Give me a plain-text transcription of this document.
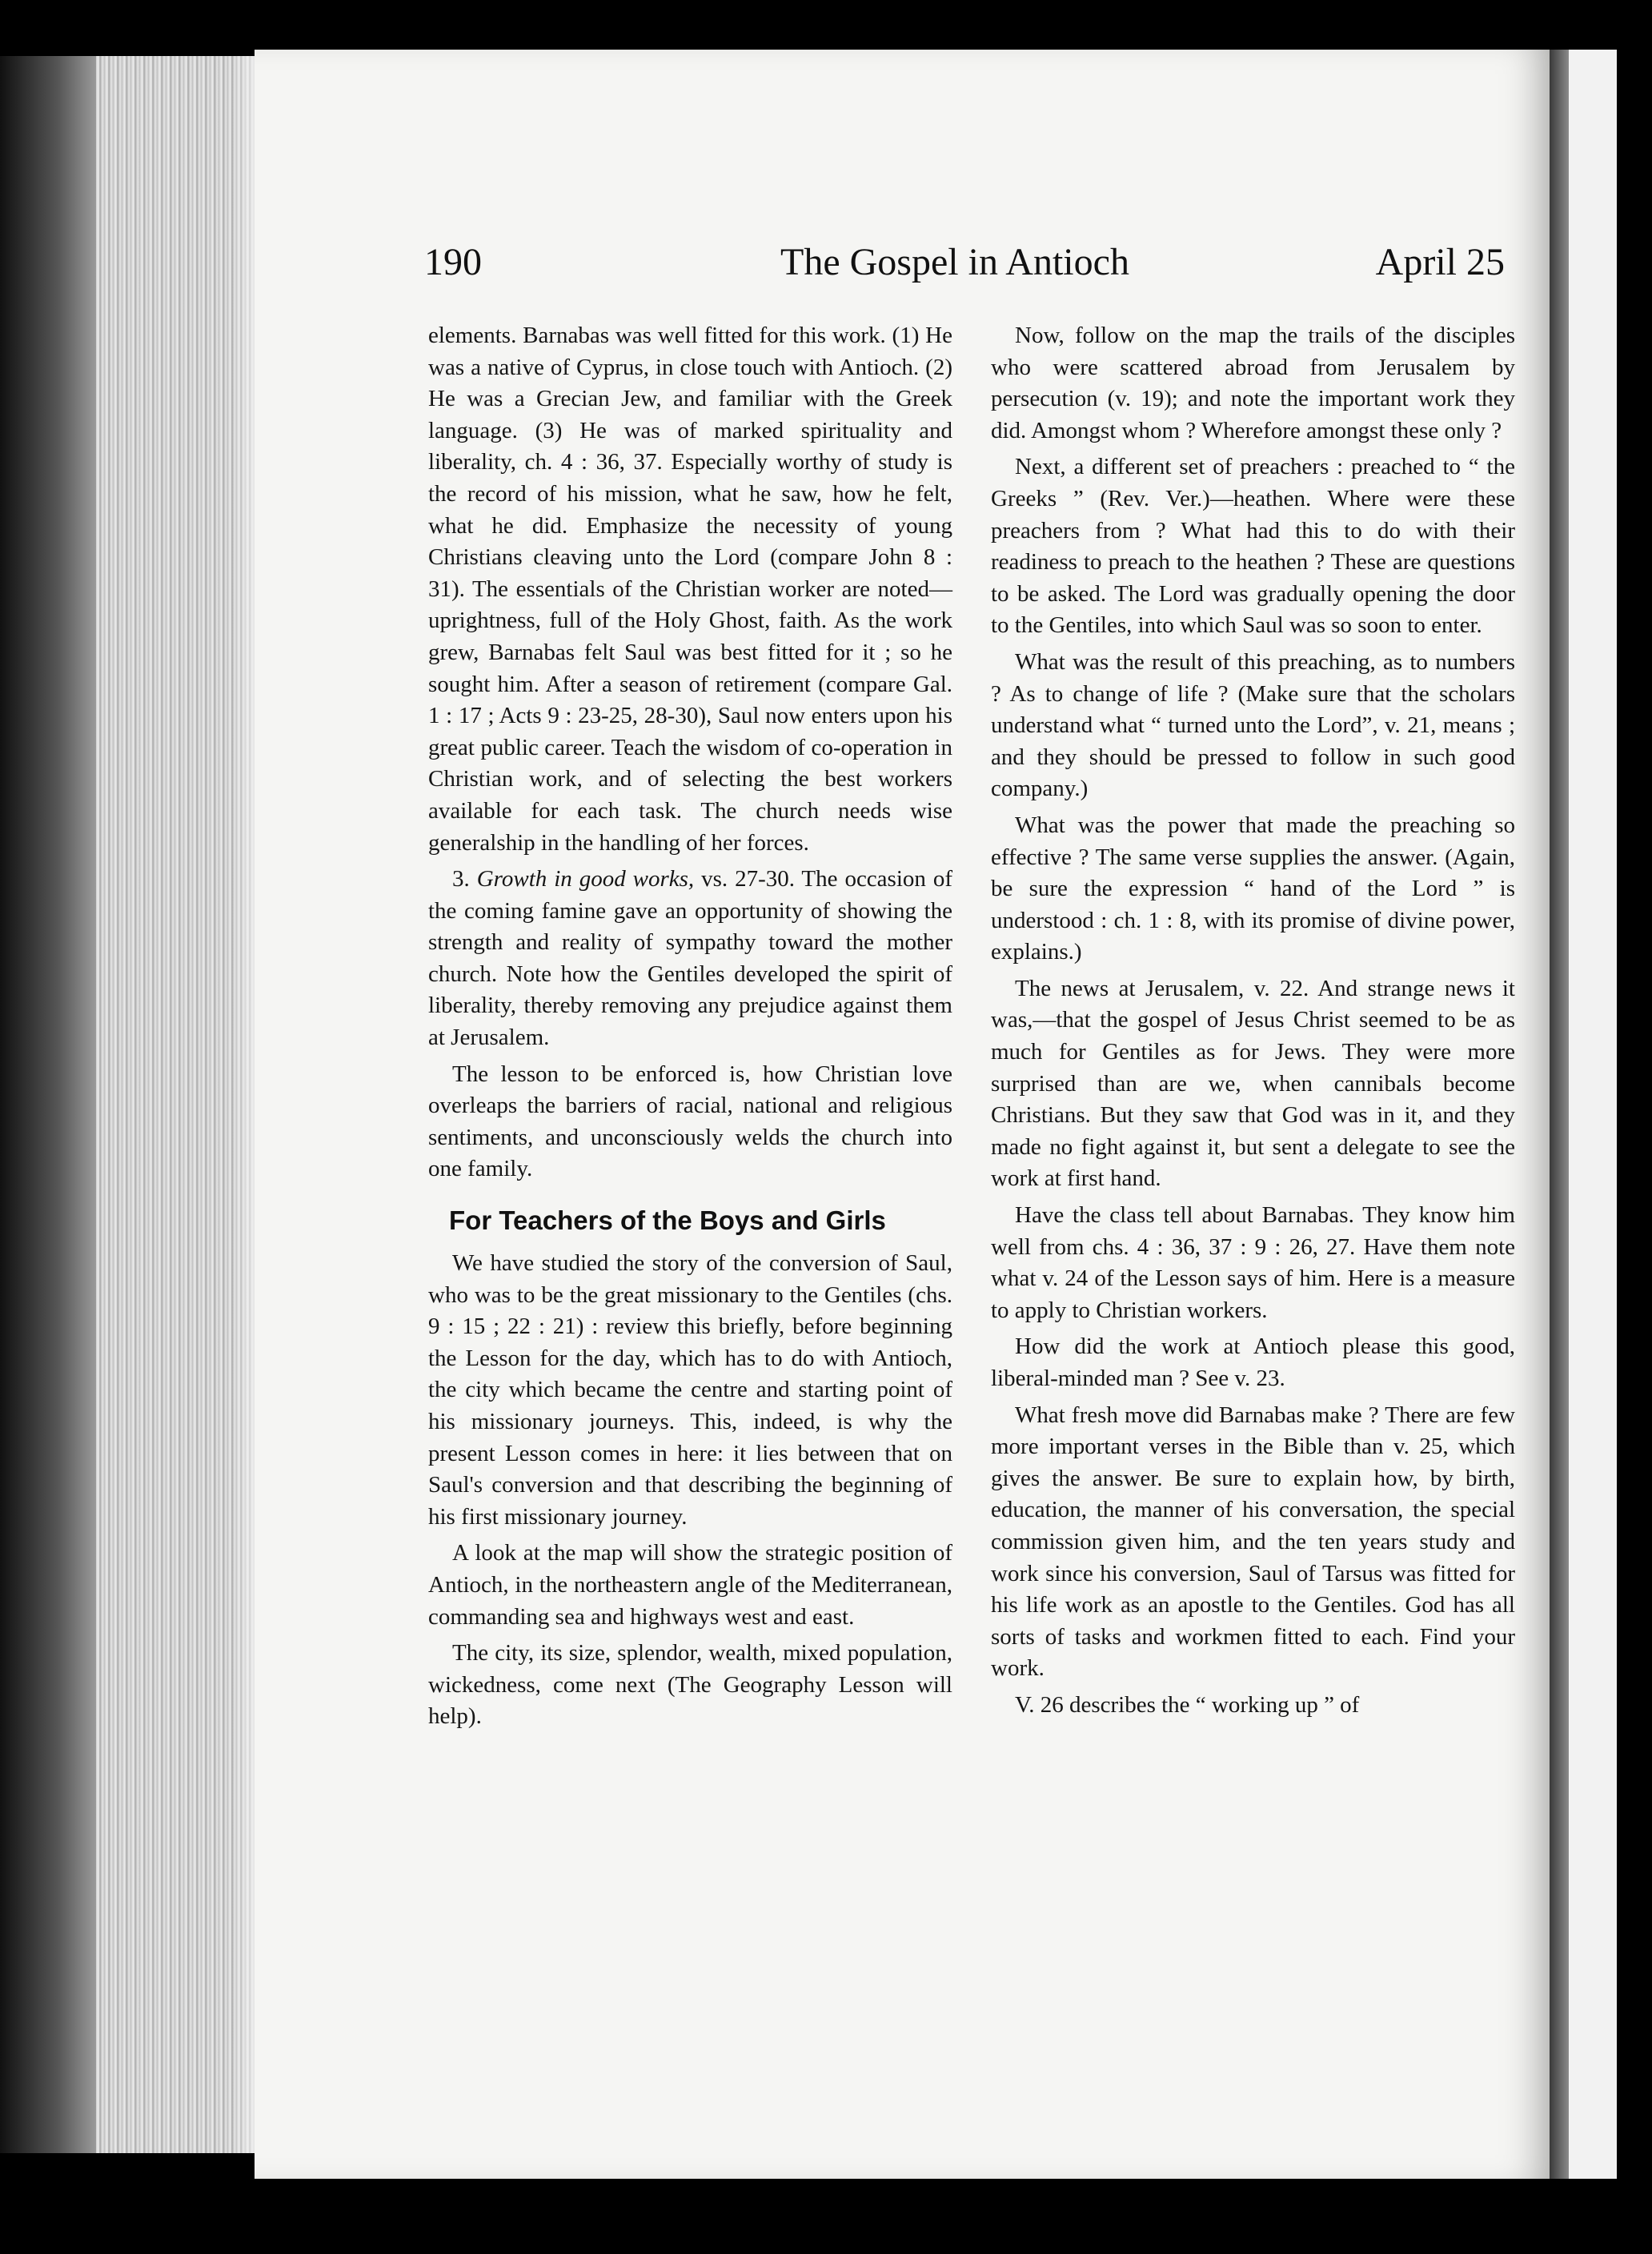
190	The Gospel in Antioch	April 25

elements. Barnabas was well fitted for this work. (1) He was a native of Cyprus, in close touch with Antioch. (2) He was a Grecian Jew, and familiar with the Greek language. (3) He was of marked spirituality and liberality, ch. 4 : 36, 37. Especially worthy of study is the record of his mission, what he saw, how he felt, what he did. Emphasize the necessity of young Christians cleaving unto the Lord (compare John 8 : 31). The essentials of the Christian worker are noted—uprightness, full of the Holy Ghost, faith. As the work grew, Barnabas felt Saul was best fitted for it ; so he sought him. After a season of retirement (compare Gal. 1 : 17 ; Acts 9 : 23-25, 28-30), Saul now enters upon his great public career. Teach the wisdom of co-operation in Christian work, and of selecting the best workers available for each task. The church needs wise generalship in the handling of her forces.

3. Growth in good works, vs. 27-30. The occasion of the coming famine gave an opportunity of showing the strength and reality of sympathy toward the mother church. Note how the Gentiles developed the spirit of liberality, thereby removing any prejudice against them at Jerusalem.

The lesson to be enforced is, how Christian love overleaps the barriers of racial, national and religious sentiments, and unconsciously welds the church into one family.

For Teachers of the Boys and Girls

We have studied the story of the conversion of Saul, who was to be the great missionary to the Gentiles (chs. 9 : 15 ; 22 : 21) : review this briefly, before beginning the Lesson for the day, which has to do with Antioch, the city which became the centre and starting point of his missionary journeys. This, indeed, is why the present Lesson comes in here: it lies between that on Saul's conversion and that describing the beginning of his first missionary journey.

A look at the map will show the strategic position of Antioch, in the northeastern angle of the Mediterranean, commanding sea and highways west and east.

The city, its size, splendor, wealth, mixed population, wickedness, come next (The Geography Lesson will help).

Now, follow on the map the trails of the disciples who were scattered abroad from Jerusalem by persecution (v. 19); and note the important work they did. Amongst whom ? Wherefore amongst these only ?

Next, a different set of preachers : preached to “ the Greeks ” (Rev. Ver.)—heathen. Where were these preachers from ? What had this to do with their readiness to preach to the heathen ? These are questions to be asked. The Lord was gradually opening the door to the Gentiles, into which Saul was so soon to enter.

What was the result of this preaching, as to numbers ? As to change of life ? (Make sure that the scholars understand what “ turned unto the Lord”, v. 21, means ; and they should be pressed to follow in such good company.)

What was the power that made the preaching so effective ? The same verse supplies the answer. (Again, be sure the expression “ hand of the Lord ” is understood : ch. 1 : 8, with its promise of divine power, explains.)

The news at Jerusalem, v. 22. And strange news it was,—that the gospel of Jesus Christ seemed to be as much for Gentiles as for Jews. They were more surprised than are we, when cannibals become Christians. But they saw that God was in it, and they made no fight against it, but sent a delegate to see the work at first hand.

Have the class tell about Barnabas. They know him well from chs. 4 : 36, 37 : 9 : 26, 27. Have them note what v. 24 of the Lesson says of him. Here is a measure to apply to Christian workers.

How did the work at Antioch please this good, liberal-minded man ? See v. 23.

What fresh move did Barnabas make ? There are few more important verses in the Bible than v. 25, which gives the answer. Be sure to explain how, by birth, education, the manner of his conversation, the special commission given him, and the ten years study and work since his conversion, Saul of Tarsus was fitted for his life work as an apostle to the Gentiles. God has all sorts of tasks and workmen fitted to each. Find your work.

V. 26 describes the “ working up ” of
